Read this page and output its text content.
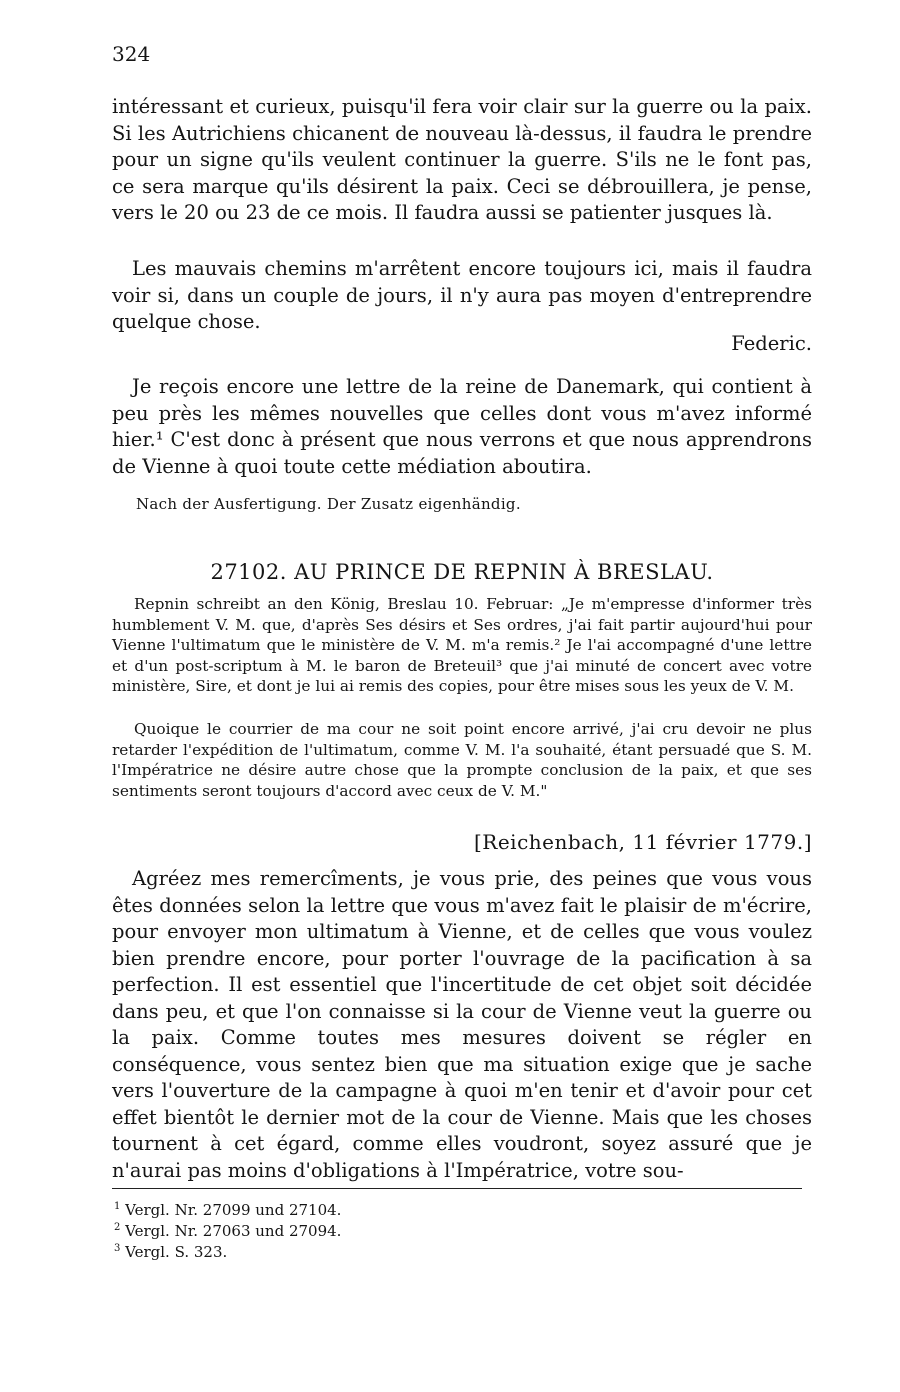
324

intéressant et curieux, puisqu'il fera voir clair sur la guerre ou la paix. Si les Autrichiens chicanent de nouveau là-dessus, il faudra le prendre pour un signe qu'ils veulent continuer la guerre. S'ils ne le font pas, ce sera marque qu'ils désirent la paix. Ceci se débrouillera, je pense, vers le 20 ou 23 de ce mois. Il faudra aussi se patienter jusques là.

Les mauvais chemins m'arrêtent encore toujours ici, mais il faudra voir si, dans un couple de jours, il n'y aura pas moyen d'entreprendre quelque chose.

Federic.

Je reçois encore une lettre de la reine de Danemark, qui contient à peu près les mêmes nouvelles que celles dont vous m'avez informé hier.¹ C'est donc à présent que nous verrons et que nous apprendrons de Vienne à quoi toute cette médiation aboutira.

Nach der Ausfertigung. Der Zusatz eigenhändig.
27102. AU PRINCE DE REPNIN À BRESLAU.

Repnin schreibt an den König, Breslau 10. Februar: „Je m'empresse d'informer très humblement V. M. que, d'après Ses désirs et Ses ordres, j'ai fait partir aujourd'hui pour Vienne l'ultimatum que le ministère de V. M. m'a remis.² Je l'ai accompagné d'une lettre et d'un post-scriptum à M. le baron de Breteuil³ que j'ai minuté de concert avec votre ministère, Sire, et dont je lui ai remis des copies, pour être mises sous les yeux de V. M.

Quoique le courrier de ma cour ne soit point encore arrivé, j'ai cru devoir ne plus retarder l'expédition de l'ultimatum, comme V. M. l'a souhaité, étant persuadé que S. M. l'Impératrice ne désire autre chose que la prompte conclusion de la paix, et que ses sentiments seront toujours d'accord avec ceux de V. M."

[Reichenbach, 11 février 1779.]

Agréez mes remercîments, je vous prie, des peines que vous vous êtes données selon la lettre que vous m'avez fait le plaisir de m'écrire, pour envoyer mon ultimatum à Vienne, et de celles que vous voulez bien prendre encore, pour porter l'ouvrage de la pacification à sa perfection. Il est essentiel que l'incertitude de cet objet soit décidée dans peu, et que l'on connaisse si la cour de Vienne veut la guerre ou la paix. Comme toutes mes mesures doivent se régler en conséquence, vous sentez bien que ma situation exige que je sache vers l'ouverture de la campagne à quoi m'en tenir et d'avoir pour cet effet bientôt le dernier mot de la cour de Vienne. Mais que les choses tournent à cet égard, comme elles voudront, soyez assuré que je n'aurai pas moins d'obligations à l'Impératrice, votre sou-

$^1$ Vergl. Nr. 27099 und 27104.
$^2$ Vergl. Nr. 27063 und 27094.
$^3$ Vergl. S. 323.
